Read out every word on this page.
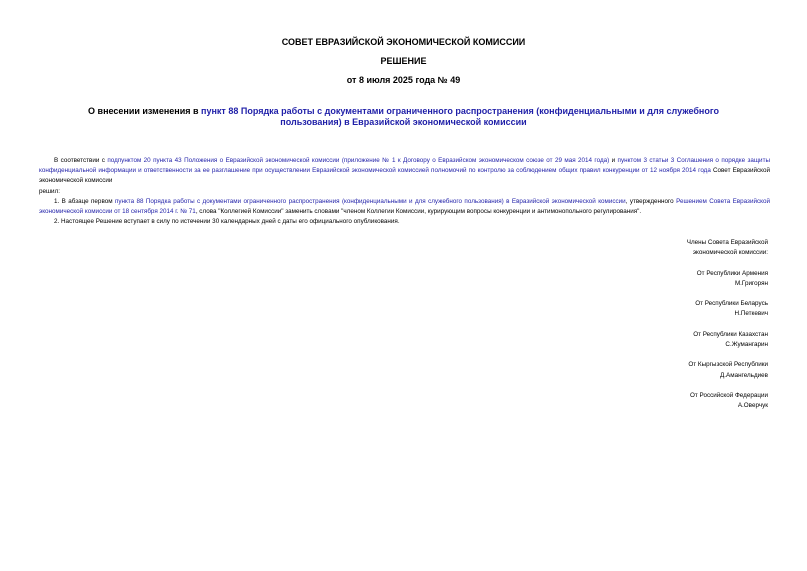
СОВЕТ ЕВРАЗИЙСКОЙ ЭКОНОМИЧЕСКОЙ КОМИССИИ
РЕШЕНИЕ
от 8 июля 2025 года № 49
О внесении изменения в пункт 88 Порядка работы с документами ограниченного распространения (конфиденциальными и для служебного пользования) в Евразийской экономической комиссии

В соответствии с подпунктом 20 пункта 43 Положения о Евразийской экономической комиссии (приложение № 1 к Договору о Евразийском экономическом союзе от 29 мая 2014 года) и пунктом 3 статьи 3 Соглашения о порядке защиты конфиденциальной информации и ответственности за ее разглашение при осуществлении Евразийской экономической комиссией полномочий по контролю за соблюдением общих правил конкуренции от 12 ноября 2014 года Совет Евразийской экономической комиссии

решил:

1. В абзаце первом пункта 88 Порядка работы с документами ограниченного распространения (конфиденциальными и для служебного пользования) в Евразийской экономической комиссии, утвержденного Решением Совета Евразийской экономической комиссии от 18 сентября 2014 г. № 71, слова "Коллегией Комиссии" заменить словами "членом Коллегии Комиссии, курирующим вопросы конкуренции и антимонопольного регулирования".

2. Настоящее Решение вступает в силу по истечении 30 календарных дней с даты его официального опубликования.

Члены Совета Евразийской
экономической комиссии:
От Республики Армения
М.Григорян
От Республики Беларусь
Н.Петкевич
От Республики Казахстан
С.Жумангарин
От Кыргызской Республики
Д.Амангельдиев
От Российской Федерации
А.Оверчук
